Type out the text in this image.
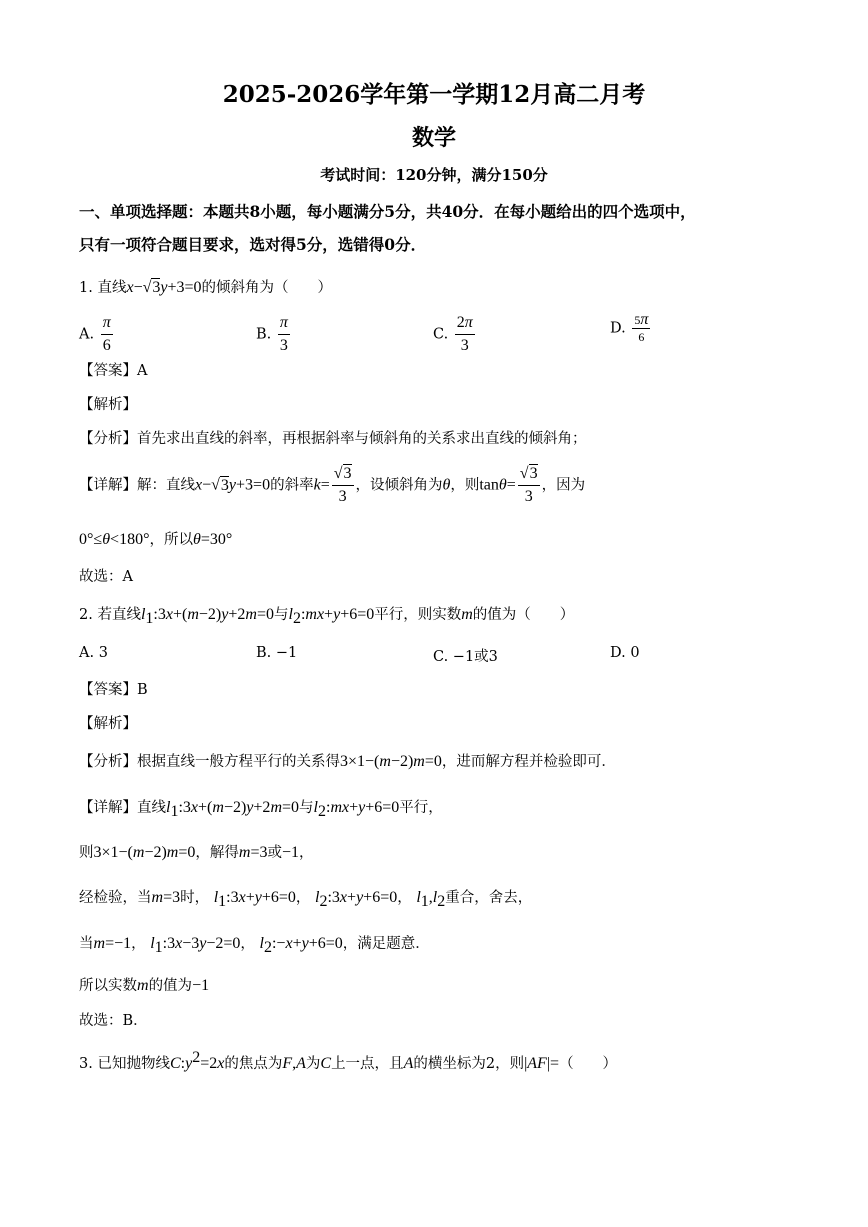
2025-2026学年第一学期12月高二月考
数学
考试时间：120分钟，满分150分
一、单项选择题：本题共8小题，每小题满分5分，共40分．在每小题给出的四个选项中，
只有一项符合题目要求，选对得5分，选错得0分．
1. 直线x−√3y+3=0的倾斜角为（　　）
A. $\frac{\pi}{6}$	B. $\frac{\pi}{3}$	C. $\frac{2\pi}{3}$	D. $\frac{5\pi}{6}$
【答案】A
【解析】
【分析】首先求出直线的斜率，再根据斜率与倾斜角的关系求出直线的倾斜角；
【详解】解：直线x−√3y+3=0的斜率$k= \frac{√3}{3}$ ，设倾斜角为θ，则$\tan\theta= \frac{√3}{3}$ ，因为
0°≤θ<180°，所以θ=30°
故选：A
2. 若直线$l_1:3x+(m-2)y+2m=0$与$l_2:mx+y+6=0$平行，则实数m的值为（　　）
A. 3	B. −1	C. −1或3	D. 0
【答案】B
【解析】
【分析】根据直线一般方程平行的关系得3×1−(m−2)m=0，进而解方程并检验即可．
【详解】直线$l_1:3x+(m-2)y+2m=0$与$l_2:mx+y+6=0$平行，
则3×1−(m−2)m=0，解得m=3或−1，
经检验，当m=3时， $l_1:3x+y+6=0$， $l_2:3x+y+6=0$， $l_1,l_2$重合，舍去，
当m=−1， $l_1:3x-3y-2=0$， $l_2:-x+y+6=0$，满足题意．
所以实数m的值为−1
故选：B．
3. 已知抛物线$C:y^2=2x$的焦点为F,A为C上一点，且A的横坐标为2，则|AF|=（　　）
